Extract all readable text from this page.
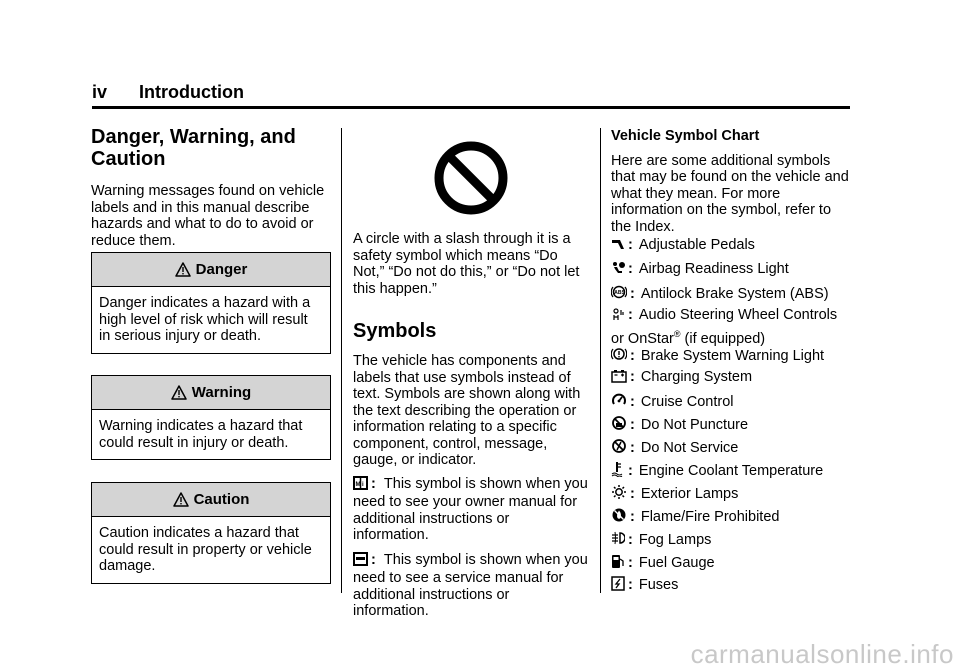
iv Introduction
Danger, Warning, and Caution

Warning messages found on vehicle labels and in this manual describe hazards and what to do to avoid or reduce them.

Danger
Danger indicates a hazard with a high level of risk which will result in serious injury or death.
Warning
Warning indicates a hazard that could result in injury or death.
Caution
Caution indicates a hazard that could result in property or vehicle damage.

A circle with a slash through it is a safety symbol which means “Do Not,” “Do not do this,” or “Do not let this happen.”

Symbols

The vehicle has components and labels that use symbols instead of text. Symbols are shown along with the text describing the operation or information relating to a specific component, control, message, gauge, or indicator.

M i : This symbol is shown when you need to see your owner manual for additional instructions or information.

: This symbol is shown when you need to see a service manual for additional instructions or information.

Vehicle Symbol Chart

Here are some additional symbols that may be found on the vehicle and what they mean. For more information on the symbol, refer to the Index.

: Adjustable Pedals
: Airbag Readiness Light
ABS : Antilock Brake System (ABS)
: Audio Steering Wheel Controls
or OnStar® (if equipped)
: Brake System Warning Light
: Charging System
: Cruise Control
: Do Not Puncture
: Do Not Service
: Engine Coolant Temperature
: Exterior Lamps
: Flame/Fire Prohibited
: Fog Lamps
: Fuel Gauge
: Fuses
carmanualsonline.info
